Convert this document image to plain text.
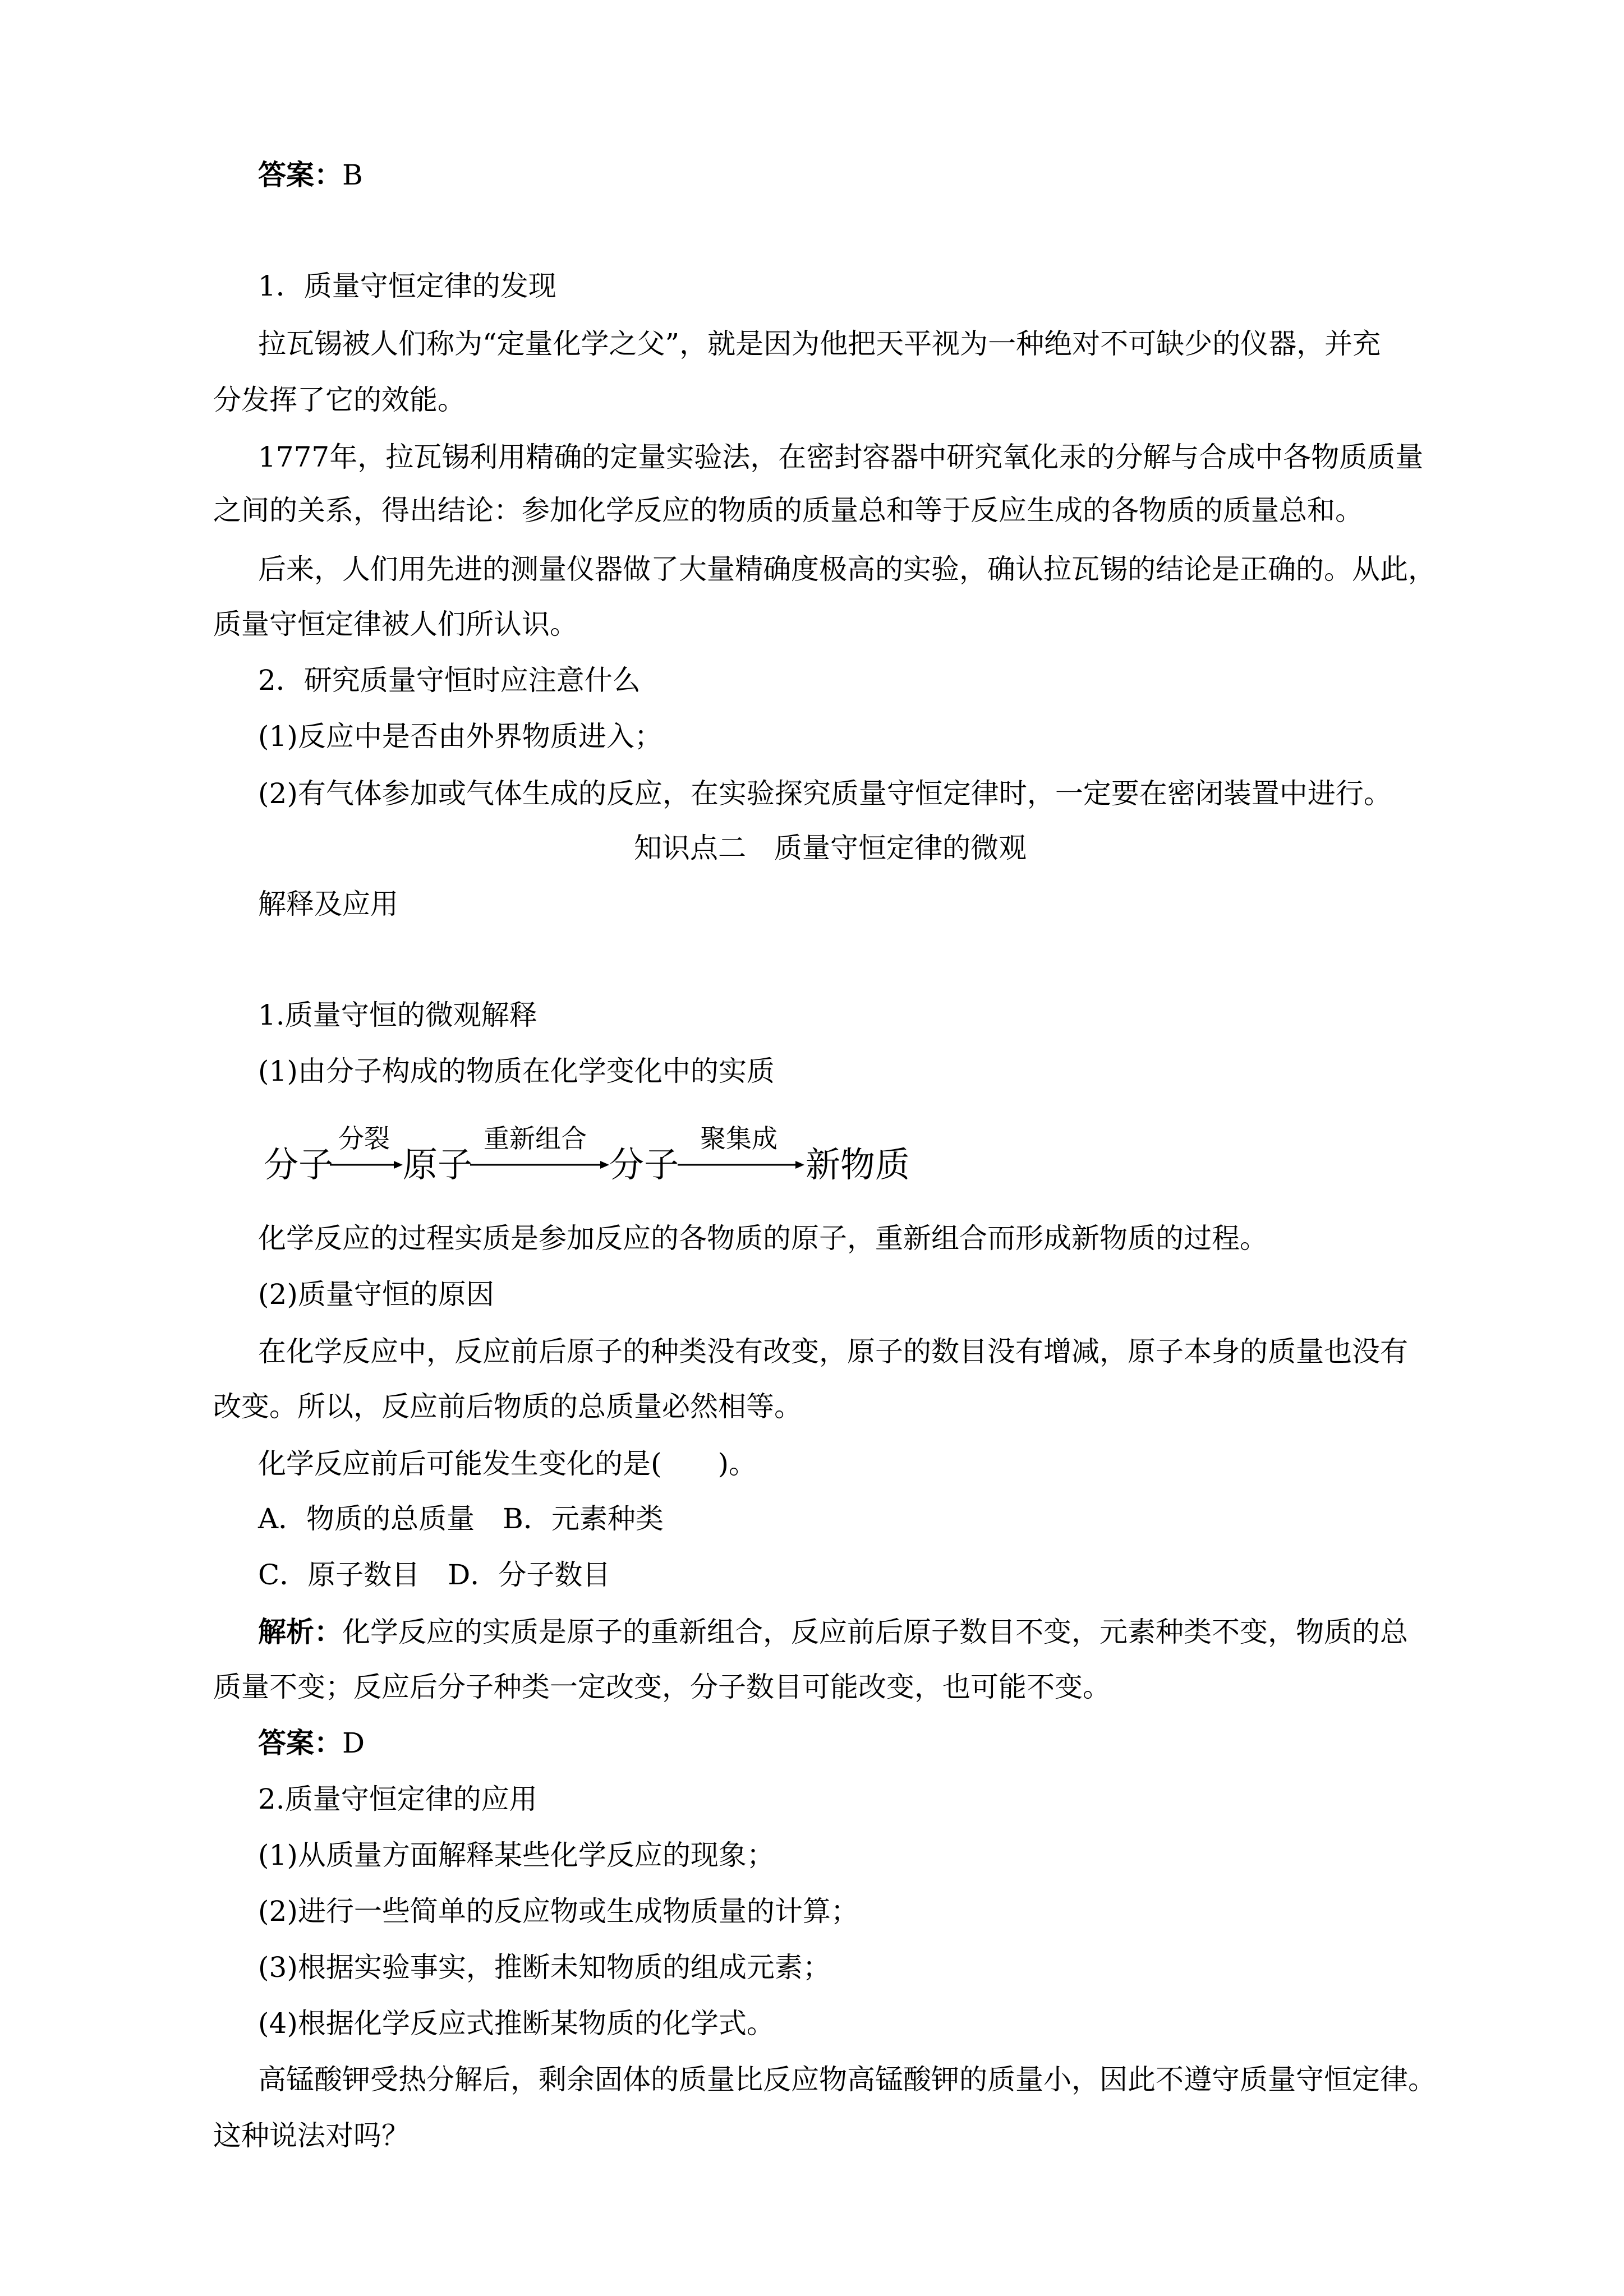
答案：B
1．质量守恒定律的发现
拉瓦锡被人们称为“定量化学之父”，就是因为他把天平视为一种绝对不可缺少的仪器，并充
分发挥了它的效能。
1777年，拉瓦锡利用精确的定量实验法，在密封容器中研究氧化汞的分解与合成中各物质质量
之间的关系，得出结论：参加化学反应的物质的质量总和等于反应生成的各物质的质量总和。
后来，人们用先进的测量仪器做了大量精确度极高的实验，确认拉瓦锡的结论是正确的。从此，
质量守恒定律被人们所认识。
2．研究质量守恒时应注意什么
(1)反应中是否由外界物质进入；
(2)有气体参加或气体生成的反应，在实验探究质量守恒定律时，一定要在密闭装置中进行。
知识点二　质量守恒定律的微观
解释及应用
1.质量守恒的微观解释
(1)由分子构成的物质在化学变化中的实质
分裂	重新组合	聚集成
分子 原子	分子	新物质
化学反应的过程实质是参加反应的各物质的原子，重新组合而形成新物质的过程。
(2)质量守恒的原因
在化学反应中，反应前后原子的种类没有改变，原子的数目没有增减，原子本身的质量也没有
改变。所以，反应前后物质的总质量必然相等。
化学反应前后可能发生变化的是(　　)。
A．物质的总质量　B．元素种类
C．原子数目　D．分子数目
解析：化学反应的实质是原子的重新组合，反应前后原子数目不变，元素种类不变，物质的总
质量不变；反应后分子种类一定改变，分子数目可能改变，也可能不变。
答案：D
2.质量守恒定律的应用
(1)从质量方面解释某些化学反应的现象；
(2)进行一些简单的反应物或生成物质量的计算；
(3)根据实验事实，推断未知物质的组成元素；
(4)根据化学反应式推断某物质的化学式。
高锰酸钾受热分解后，剩余固体的质量比反应物高锰酸钾的质量小，因此不遵守质量守恒定律。
这种说法对吗？
